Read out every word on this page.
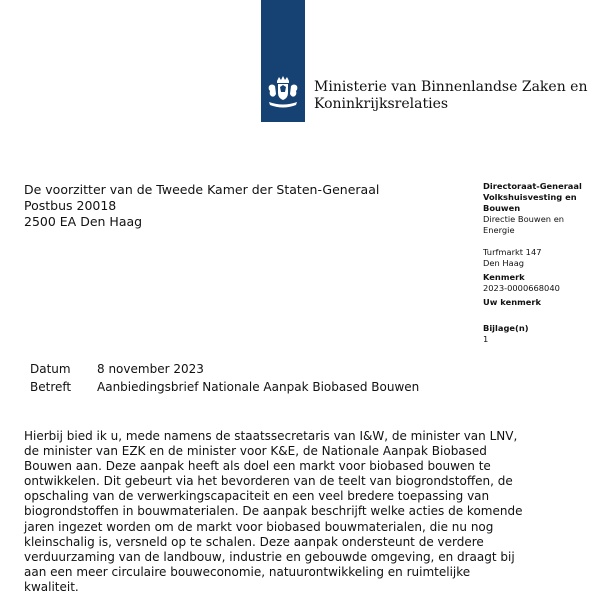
Ministerie van Binnenlandse Zaken en
Koninkrijksrelaties
De voorzitter van de Tweede Kamer der Staten-Generaal
Postbus 20018
2500 EA Den Haag
Directoraat-Generaal
Volkshuisvesting en
Bouwen
Directie Bouwen en Energie
Turfmarkt 147
Den Haag
Kenmerk
2023-0000668040
Uw kenmerk
Bijlage(n)
1
Datum	8 november 2023
Betreft	Aanbiedingsbrief Nationale Aanpak Biobased Bouwen
Hierbij bied ik u, mede namens de staatssecretaris van I&W, de minister van LNV,
de minister van EZK en de minister voor K&E, de Nationale Aanpak Biobased
Bouwen aan. Deze aanpak heeft als doel een markt voor biobased bouwen te
ontwikkelen. Dit gebeurt via het bevorderen van de teelt van biogrondstoffen, de
opschaling van de verwerkingscapaciteit en een veel bredere toepassing van
biogrondstoffen in bouwmaterialen. De aanpak beschrijft welke acties de komende
jaren ingezet worden om de markt voor biobased bouwmaterialen, die nu nog
kleinschalig is, versneld op te schalen. Deze aanpak ondersteunt de verdere
verduurzaming van de landbouw, industrie en gebouwde omgeving, en draagt bij
aan een meer circulaire bouweconomie, natuurontwikkeling en ruimtelijke
kwaliteit.
